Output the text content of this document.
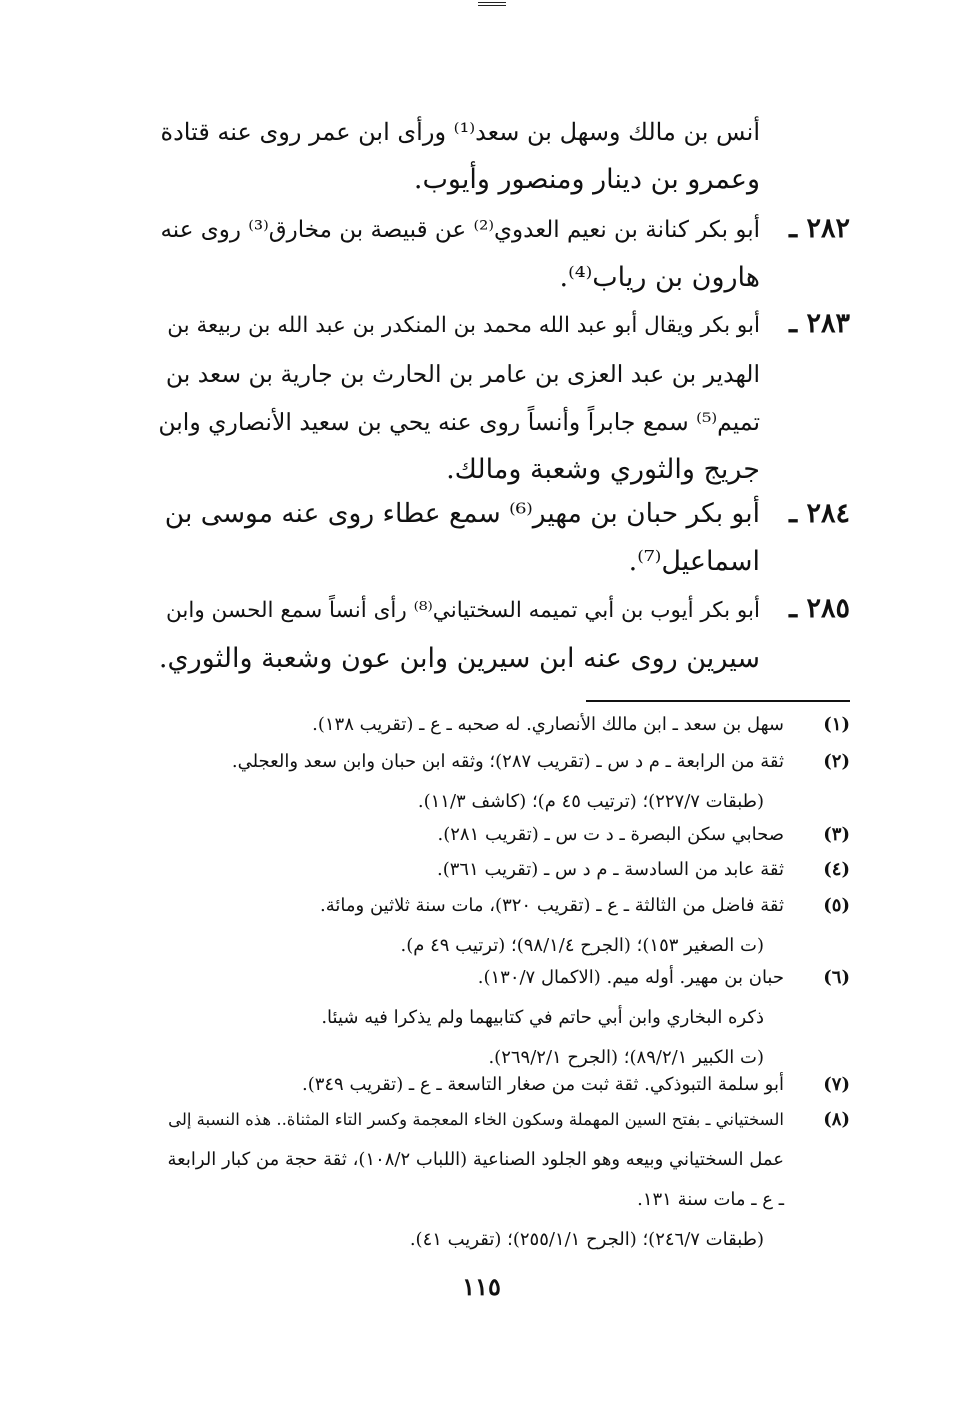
أنس بن مالك وسهل بن سعد⁽¹⁾ ورأى ابن عمر روى عنه قتادة
وعمرو بن دينار ومنصور وأيوب.
٢٨٢ ـ
أبو بكر كنانة بن نعيم العدوي⁽²⁾ عن قبيصة بن مخارق⁽³⁾ روى عنه
هارون بن رياب⁽⁴⁾.
٢٨٣ ـ
أبو بكر ويقال أبو عبد الله محمد بن المنكدر بن عبد الله بن ربيعة بن
الهدير بن عبد العزى بن عامر بن الحارث بن جارية بن سعد بن
تميم⁽⁵⁾ سمع جابراً وأنساً روى عنه يحي بن سعيد الأنصاري وابن
جريج والثوري وشعبة ومالك.
٢٨٤ ـ
أبو بكر حبان بن مهير⁽⁶⁾ سمع عطاء روى عنه موسى بن
اسماعيل⁽⁷⁾.
٢٨٥ ـ
أبو بكر أيوب بن أبي تميمه السختياني⁽⁸⁾ رأى أنساً سمع الحسن وابن
سيرين روى عنه ابن سيرين وابن عون وشعبة والثوري.
(١)
سهل بن سعد ـ ابن مالك الأنصاري. له صحبه ـ ع ـ (تقريب ١٣٨).
(٢)
ثقة من الرابعة ـ م د س ـ (تقريب ٢٨٧)؛ وثقه ابن حبان وابن سعد والعجلي.
(طبقات ٢٢٧/٧)؛ (ترتيب ٤٥ م)؛ (كاشف ١١/٣).
(٣)
صحابي سكن البصرة ـ د ت س ـ (تقريب ٢٨١).
(٤)
ثقة عابد من السادسة ـ م د س ـ (تقريب ٣٦١).
(٥)
ثقة فاضل من الثالثة ـ ع ـ (تقريب ٣٢٠)، مات سنة ثلاثين ومائة.
(ت الصغير ١٥٣)؛ (الجرح ٩٨/١/٤)؛ (ترتيب ٤٩ م).
(٦)
حبان بن مهير. أوله ميم. (الاكمال ١٣٠/٧).
ذكره البخاري وابن أبي حاتم في كتابيهما ولم يذكرا فيه شيئا.
(ت الكبير ٨٩/٢/١)؛ (الجرح ٢٦٩/٢/١).
(٧)
أبو سلمة التبوذكي. ثقة ثبت من صغار التاسعة ـ ع ـ (تقريب ٣٤٩).
(٨)
السختياني ـ بفتح السين المهملة وسكون الخاء المعجمة وكسر التاء المثناة.. هذه النسبة إلى
عمل السختياني وبيعه وهو الجلود الصناعية (اللباب ١٠٨/٢)، ثقة حجة من كبار الرابعة
ـ ع ـ مات سنة ١٣١.
(طبقات ٢٤٦/٧)؛ (الجرح ٢٥٥/١/١)؛ (تقريب ٤١).
١١٥
